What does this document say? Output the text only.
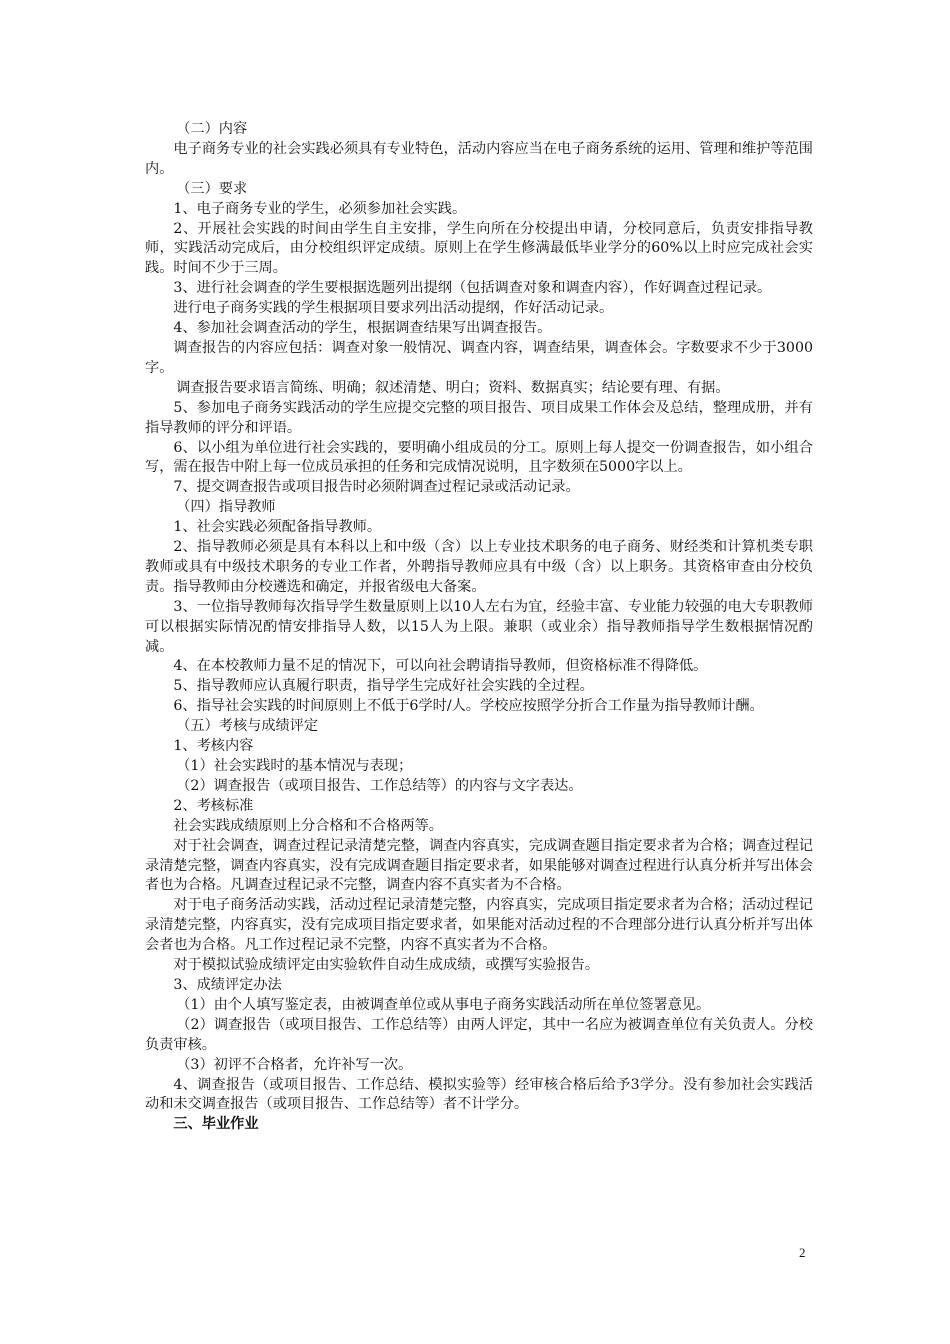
（二）内容

电子商务专业的社会实践必须具有专业特色，活动内容应当在电子商务系统的运用、管理和维护等范围内。

（三）要求

1、电子商务专业的学生，必须参加社会实践。

2、开展社会实践的时间由学生自主安排，学生向所在分校提出申请，分校同意后，负责安排指导教师，实践活动完成后，由分校组织评定成绩。原则上在学生修满最低毕业学分的60%以上时应完成社会实践。时间不少于三周。

3、进行社会调查的学生要根据选题列出提纲（包括调查对象和调查内容），作好调查过程记录。

进行电子商务实践的学生根据项目要求列出活动提纲，作好活动记录。

4、参加社会调查活动的学生，根据调查结果写出调查报告。

调查报告的内容应包括：调查对象一般情况、调查内容，调查结果，调查体会。字数要求不少于3000字。

调查报告要求语言简练、明确；叙述清楚、明白；资料、数据真实；结论要有理、有据。

5、参加电子商务实践活动的学生应提交完整的项目报告、项目成果工作体会及总结，整理成册，并有指导教师的评分和评语。

6、以小组为单位进行社会实践的，要明确小组成员的分工。原则上每人提交一份调查报告，如小组合写，需在报告中附上每一位成员承担的任务和完成情况说明，且字数须在5000字以上。

7、提交调查报告或项目报告时必须附调查过程记录或活动记录。

（四）指导教师

1、社会实践必须配备指导教师。

2、指导教师必须是具有本科以上和中级（含）以上专业技术职务的电子商务、财经类和计算机类专职教师或具有中级技术职务的专业工作者，外聘指导教师应具有中级（含）以上职务。其资格审查由分校负责。指导教师由分校遴选和确定，并报省级电大备案。

3、一位指导教师每次指导学生数量原则上以10人左右为宜，经验丰富、专业能力较强的电大专职教师可以根据实际情况酌情安排指导人数，以15人为上限。兼职（或业余）指导教师指导学生数根据情况酌减。

4、在本校教师力量不足的情况下，可以向社会聘请指导教师，但资格标准不得降低。

5、指导教师应认真履行职责，指导学生完成好社会实践的全过程。

6、指导社会实践的时间原则上不低于6学时/人。学校应按照学分折合工作量为指导教师计酬。

（五）考核与成绩评定

1、考核内容

（1）社会实践时的基本情况与表现；

（2）调查报告（或项目报告、工作总结等）的内容与文字表达。

2、考核标准

社会实践成绩原则上分合格和不合格两等。

对于社会调查，调查过程记录清楚完整，调查内容真实，完成调查题目指定要求者为合格；调查过程记录清楚完整，调查内容真实，没有完成调查题目指定要求者，如果能够对调查过程进行认真分析并写出体会者也为合格。凡调查过程记录不完整，调查内容不真实者为不合格。

对于电子商务活动实践，活动过程记录清楚完整，内容真实，完成项目指定要求者为合格；活动过程记录清楚完整，内容真实，没有完成项目指定要求者，如果能对活动过程的不合理部分进行认真分析并写出体会者也为合格。凡工作过程记录不完整，内容不真实者为不合格。

对于模拟试验成绩评定由实验软件自动生成成绩，或撰写实验报告。

3、成绩评定办法

（1）由个人填写鉴定表，由被调查单位或从事电子商务实践活动所在单位签署意见。

（2）调查报告（或项目报告、工作总结等）由两人评定，其中一名应为被调查单位有关负责人。分校负责审核。

（3）初评不合格者，允许补写一次。

4、调查报告（或项目报告、工作总结、模拟实验等）经审核合格后给予3学分。没有参加社会实践活动和未交调查报告（或项目报告、工作总结等）者不计学分。

三、毕业作业

2
